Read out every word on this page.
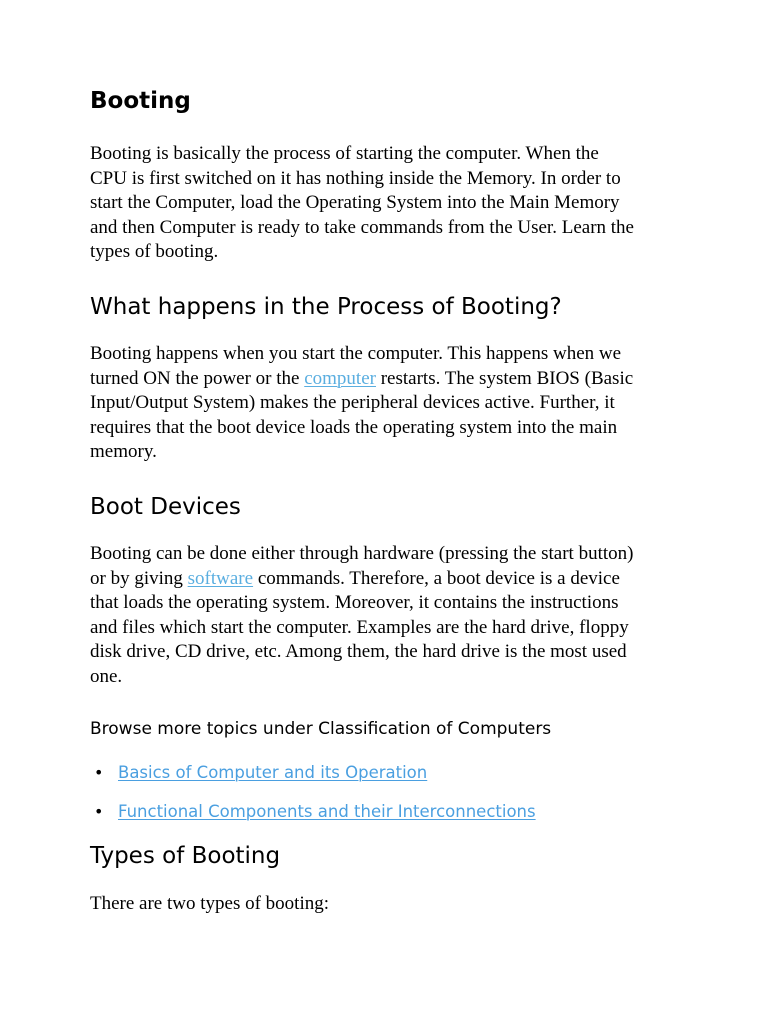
Booting
Booting is basically the process of starting the computer. When the
CPU is first switched on it has nothing inside the Memory. In order to
start the Computer, load the Operating System into the Main Memory
and then Computer is ready to take commands from the User. Learn the
types of booting.
What happens in the Process of Booting?
Booting happens when you start the computer. This happens when we
turned ON the power or the computer restarts. The system BIOS (Basic
Input/Output System) makes the peripheral devices active. Further, it
requires that the boot device loads the operating system into the main
memory.
Boot Devices
Booting can be done either through hardware (pressing the start button)
or by giving software commands. Therefore, a boot device is a device
that loads the operating system. Moreover, it contains the instructions
and files which start the computer. Examples are the hard drive, floppy
disk drive, CD drive, etc. Among them, the hard drive is the most used
one.
Browse more topics under Classification of Computers
• Basics of Computer and its Operation
• Functional Components and their Interconnections
Types of Booting
There are two types of booting:
